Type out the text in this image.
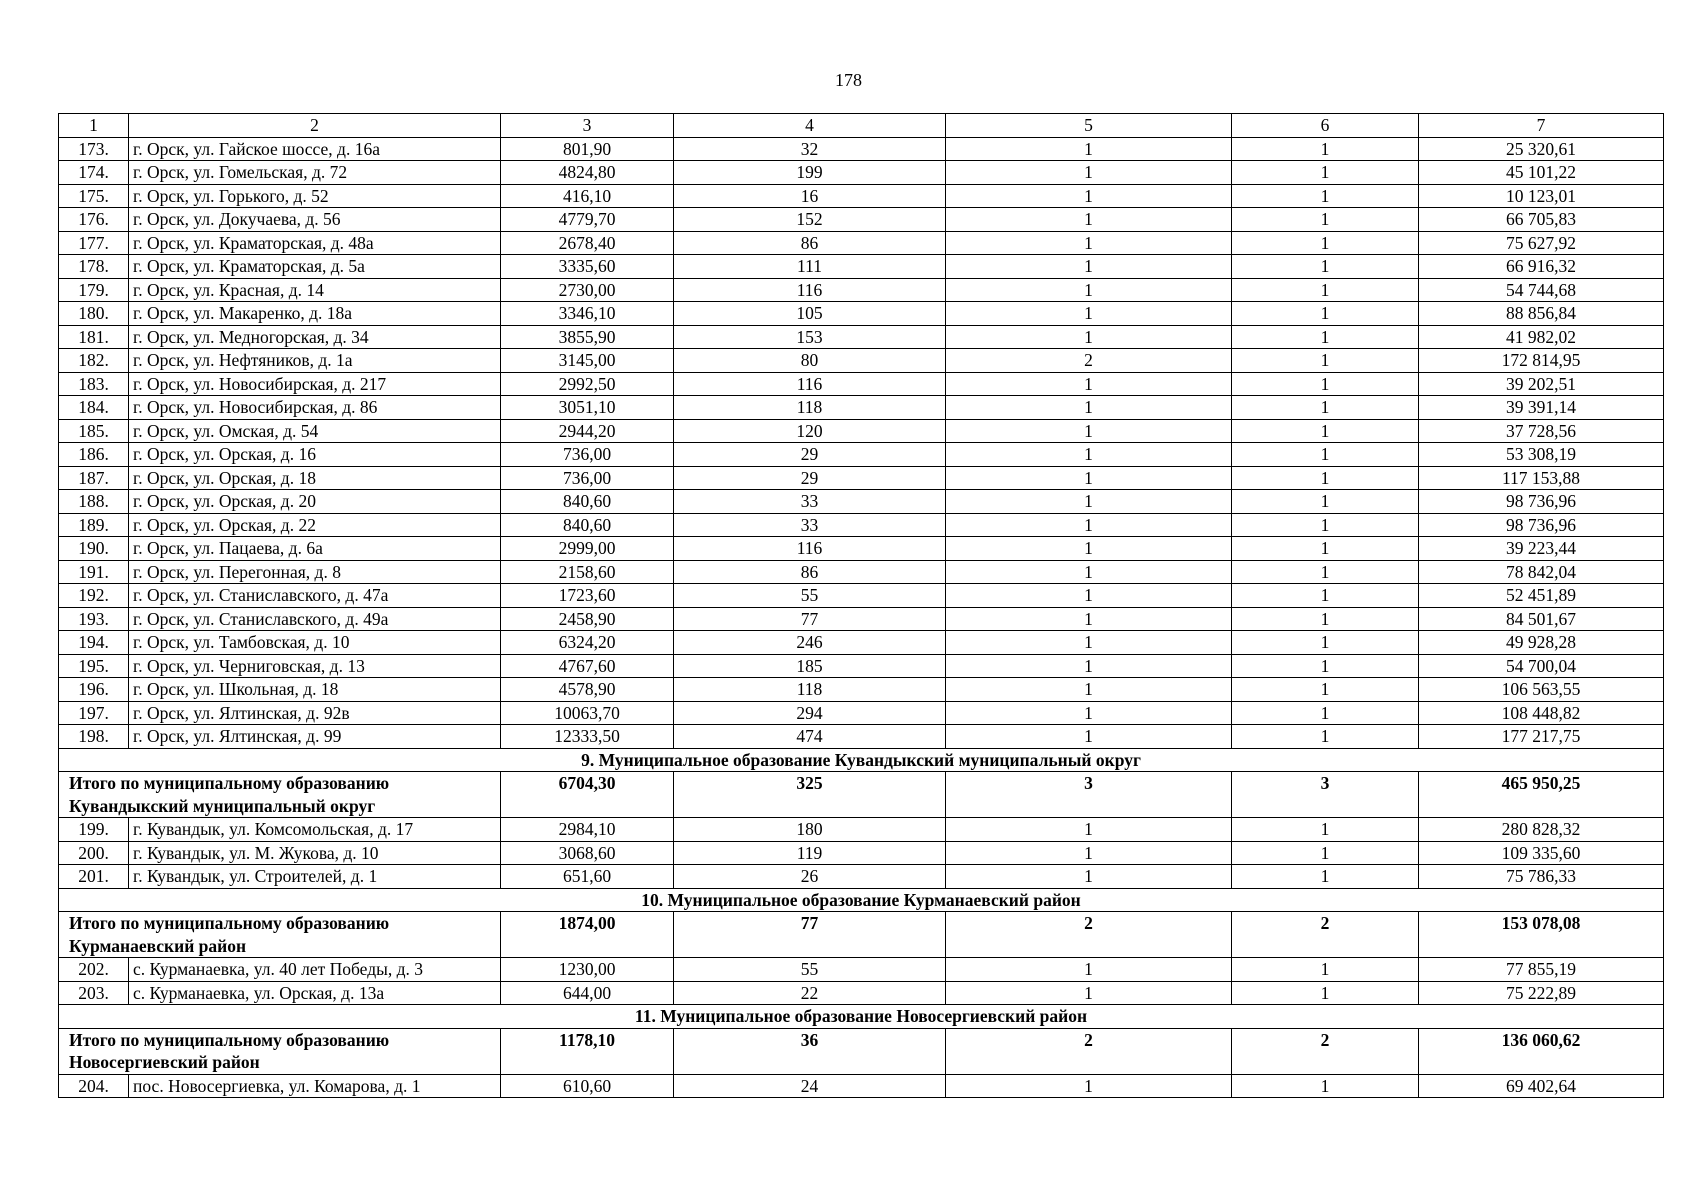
178
1	2	3	4	5	6	7
173.	г. Орск, ул. Гайское шоссе, д. 16а	801,90	32	1	1	25 320,61
174.	г. Орск, ул. Гомельская, д. 72	4824,80	199	1	1	45 101,22
175.	г. Орск, ул. Горького, д. 52	416,10	16	1	1	10 123,01
176.	г. Орск, ул. Докучаева, д. 56	4779,70	152	1	1	66 705,83
177.	г. Орск, ул. Краматорская, д. 48а	2678,40	86	1	1	75 627,92
178.	г. Орск, ул. Краматорская, д. 5а	3335,60	111	1	1	66 916,32
179.	г. Орск, ул. Красная, д. 14	2730,00	116	1	1	54 744,68
180.	г. Орск, ул. Макаренко, д. 18а	3346,10	105	1	1	88 856,84
181.	г. Орск, ул. Медногорская, д. 34	3855,90	153	1	1	41 982,02
182.	г. Орск, ул. Нефтяников, д. 1а	3145,00	80	2	1	172 814,95
183.	г. Орск, ул. Новосибирская, д. 217	2992,50	116	1	1	39 202,51
184.	г. Орск, ул. Новосибирская, д. 86	3051,10	118	1	1	39 391,14
185.	г. Орск, ул. Омская, д. 54	2944,20	120	1	1	37 728,56
186.	г. Орск, ул. Орская, д. 16	736,00	29	1	1	53 308,19
187.	г. Орск, ул. Орская, д. 18	736,00	29	1	1	117 153,88
188.	г. Орск, ул. Орская, д. 20	840,60	33	1	1	98 736,96
189.	г. Орск, ул. Орская, д. 22	840,60	33	1	1	98 736,96
190.	г. Орск, ул. Пацаева, д. 6а	2999,00	116	1	1	39 223,44
191.	г. Орск, ул. Перегонная, д. 8	2158,60	86	1	1	78 842,04
192.	г. Орск, ул. Станиславского, д. 47а	1723,60	55	1	1	52 451,89
193.	г. Орск, ул. Станиславского, д. 49а	2458,90	77	1	1	84 501,67
194.	г. Орск, ул. Тамбовская, д. 10	6324,20	246	1	1	49 928,28
195.	г. Орск, ул. Черниговская, д. 13	4767,60	185	1	1	54 700,04
196.	г. Орск, ул. Школьная, д. 18	4578,90	118	1	1	106 563,55
197.	г. Орск, ул. Ялтинская, д. 92в	10063,70	294	1	1	108 448,82
198.	г. Орск, ул. Ялтинская, д. 99	12333,50	474	1	1	177 217,75
9. Муниципальное образование Кувандыкский муниципальный округ						
Итого по муниципальному образованию Кувандыкский муниципальный округ		6704,30	325	3	3	465 950,25
199.	г. Кувандык, ул. Комсомольская, д. 17	2984,10	180	1	1	280 828,32
200.	г. Кувандык, ул. М. Жукова, д. 10	3068,60	119	1	1	109 335,60
201.	г. Кувандык, ул. Строителей, д. 1	651,60	26	1	1	75 786,33
10. Муниципальное образование Курманаевский район						
Итого по муниципальному образованию Курманаевский район		1874,00	77	2	2	153 078,08
202.	с. Курманаевка, ул. 40 лет Победы, д. 3	1230,00	55	1	1	77 855,19
203.	с. Курманаевка, ул. Орская, д. 13а	644,00	22	1	1	75 222,89
11. Муниципальное образование Новосергиевский район						
Итого по муниципальному образованию Новосергиевский район		1178,10	36	2	2	136 060,62
204.	пос. Новосергиевка, ул. Комарова, д. 1	610,60	24	1	1	69 402,64
